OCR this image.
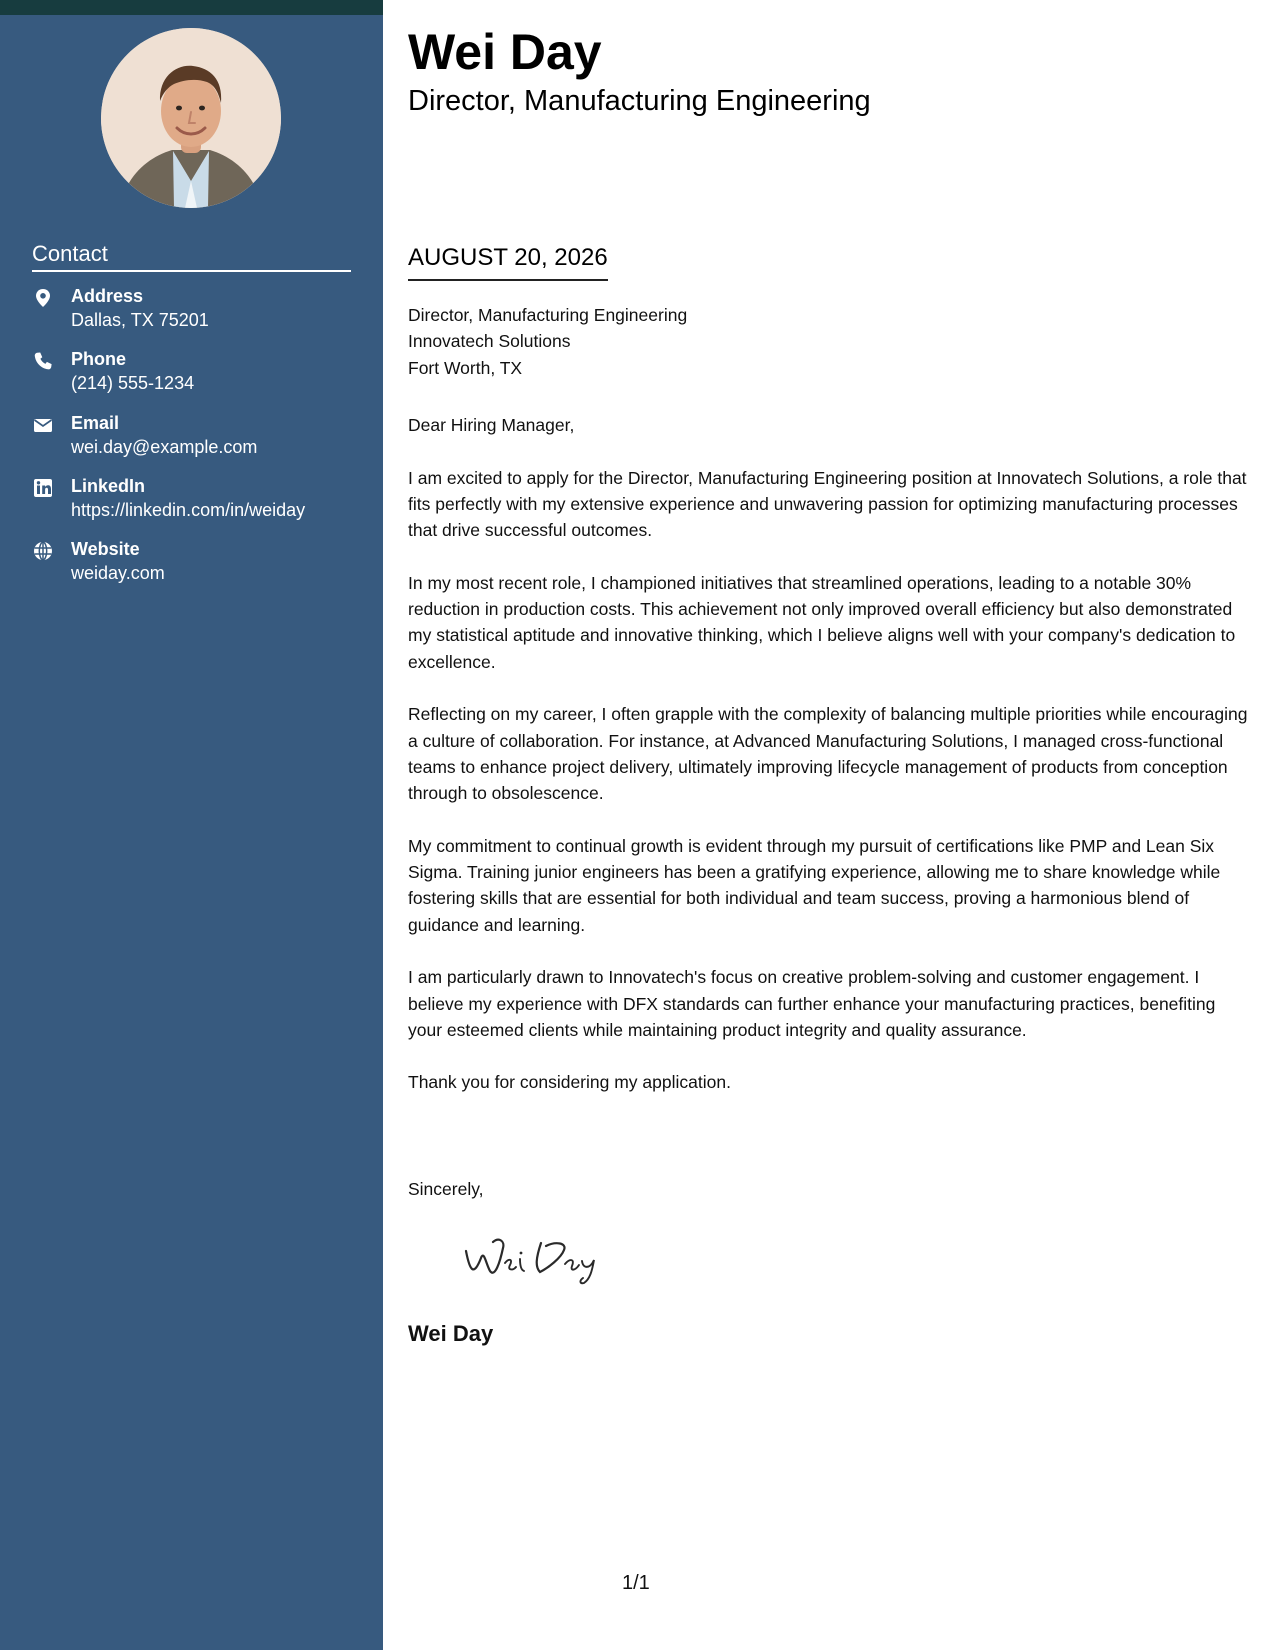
Contact
Address
Dallas, TX 75201
Phone
(214) 555-1234
Email
wei.day@example.com
LinkedIn
https://linkedin.com/in/weiday
Website
weiday.com
Wei Day
Director, Manufacturing Engineering
AUGUST 20, 2026
Director, Manufacturing Engineering
Innovatech Solutions
Fort Worth, TX

Dear Hiring Manager,

I am excited to apply for the Director, Manufacturing Engineering position at Innovatech Solutions, a role that fits perfectly with my extensive experience and unwavering passion for optimizing manufacturing processes that drive successful outcomes.

In my most recent role, I championed initiatives that streamlined operations, leading to a notable 30% reduction in production costs. This achievement not only improved overall efficiency but also demonstrated my statistical aptitude and innovative thinking, which I believe aligns well with your company's dedication to excellence.

Reflecting on my career, I often grapple with the complexity of balancing multiple priorities while encouraging a culture of collaboration. For instance, at Advanced Manufacturing Solutions, I managed cross-functional teams to enhance project delivery, ultimately improving lifecycle management of products from conception through to obsolescence.

My commitment to continual growth is evident through my pursuit of certifications like PMP and Lean Six Sigma. Training junior engineers has been a gratifying experience, allowing me to share knowledge while fostering skills that are essential for both individual and team success, proving a harmonious blend of guidance and learning.

I am particularly drawn to Innovatech's focus on creative problem-solving and customer engagement. I believe my experience with DFX standards can further enhance your manufacturing practices, benefiting your esteemed clients while maintaining product integrity and quality assurance.

Thank you for considering my application.

Sincerely,
Wei Day
1/1
